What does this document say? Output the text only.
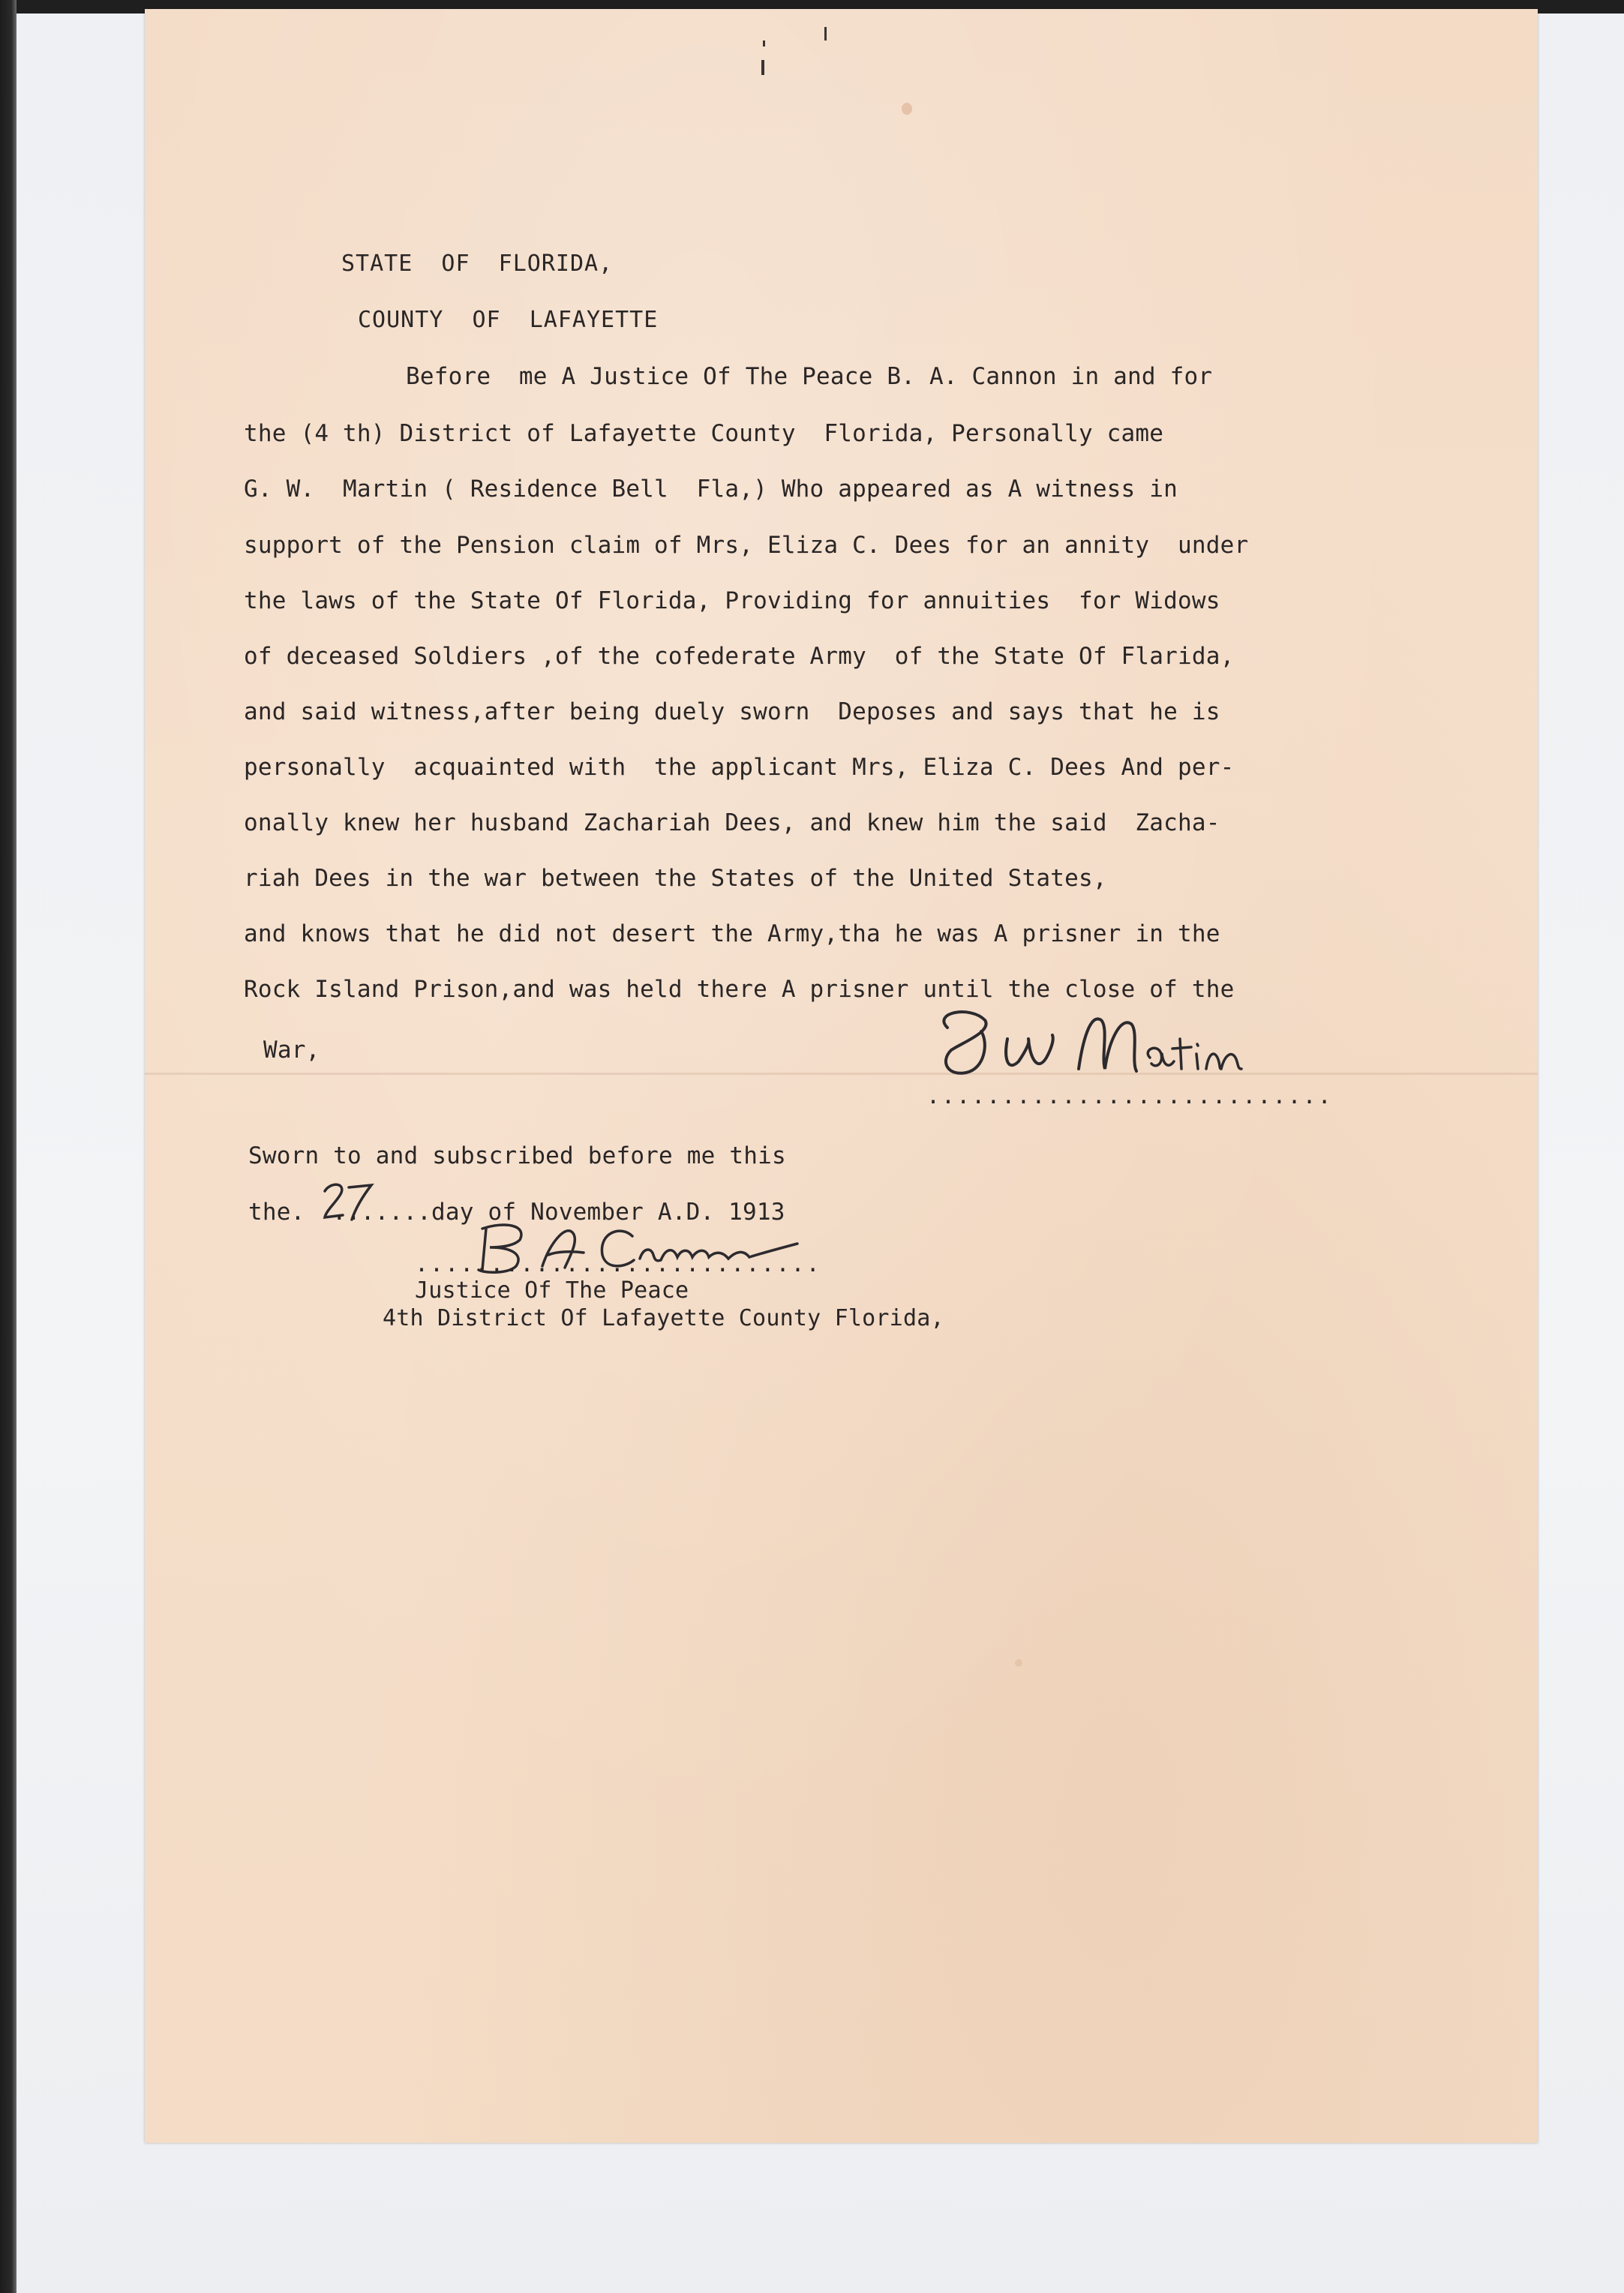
STATE  OF  FLORIDA,

COUNTY  OF  LAFAYETTE

Before  me A Justice Of The Peace B. A. Cannon in and for

the (4 th) District of Lafayette County  Florida, Personally came

G. W.  Martin ( Residence Bell  Fla,) Who appeared as A witness in

support of the Pension claim of Mrs, Eliza C. Dees for an annity  under

the laws of the State Of Florida, Providing for annuities  for Widows

of deceased Soldiers ,of the cofederate Army  of the State Of Flarida,

and said witness,after being duely sworn  Deposes and says that he is

personally  acquainted with  the applicant Mrs, Eliza C. Dees And per-

onally knew her husband Zachariah Dees, and knew him the said  Zacha-

riah Dees in the war between the States of the United States,

and knows that he did not desert the Army,tha he was A prisner in the

Rock Island Prison,and was held there A prisner until the close of the

War,

...........................

Sworn to and subscribed before me this

the. .......day of November A.D. 1913

...........................

Justice Of The Peace

4th District Of Lafayette County Florida,
